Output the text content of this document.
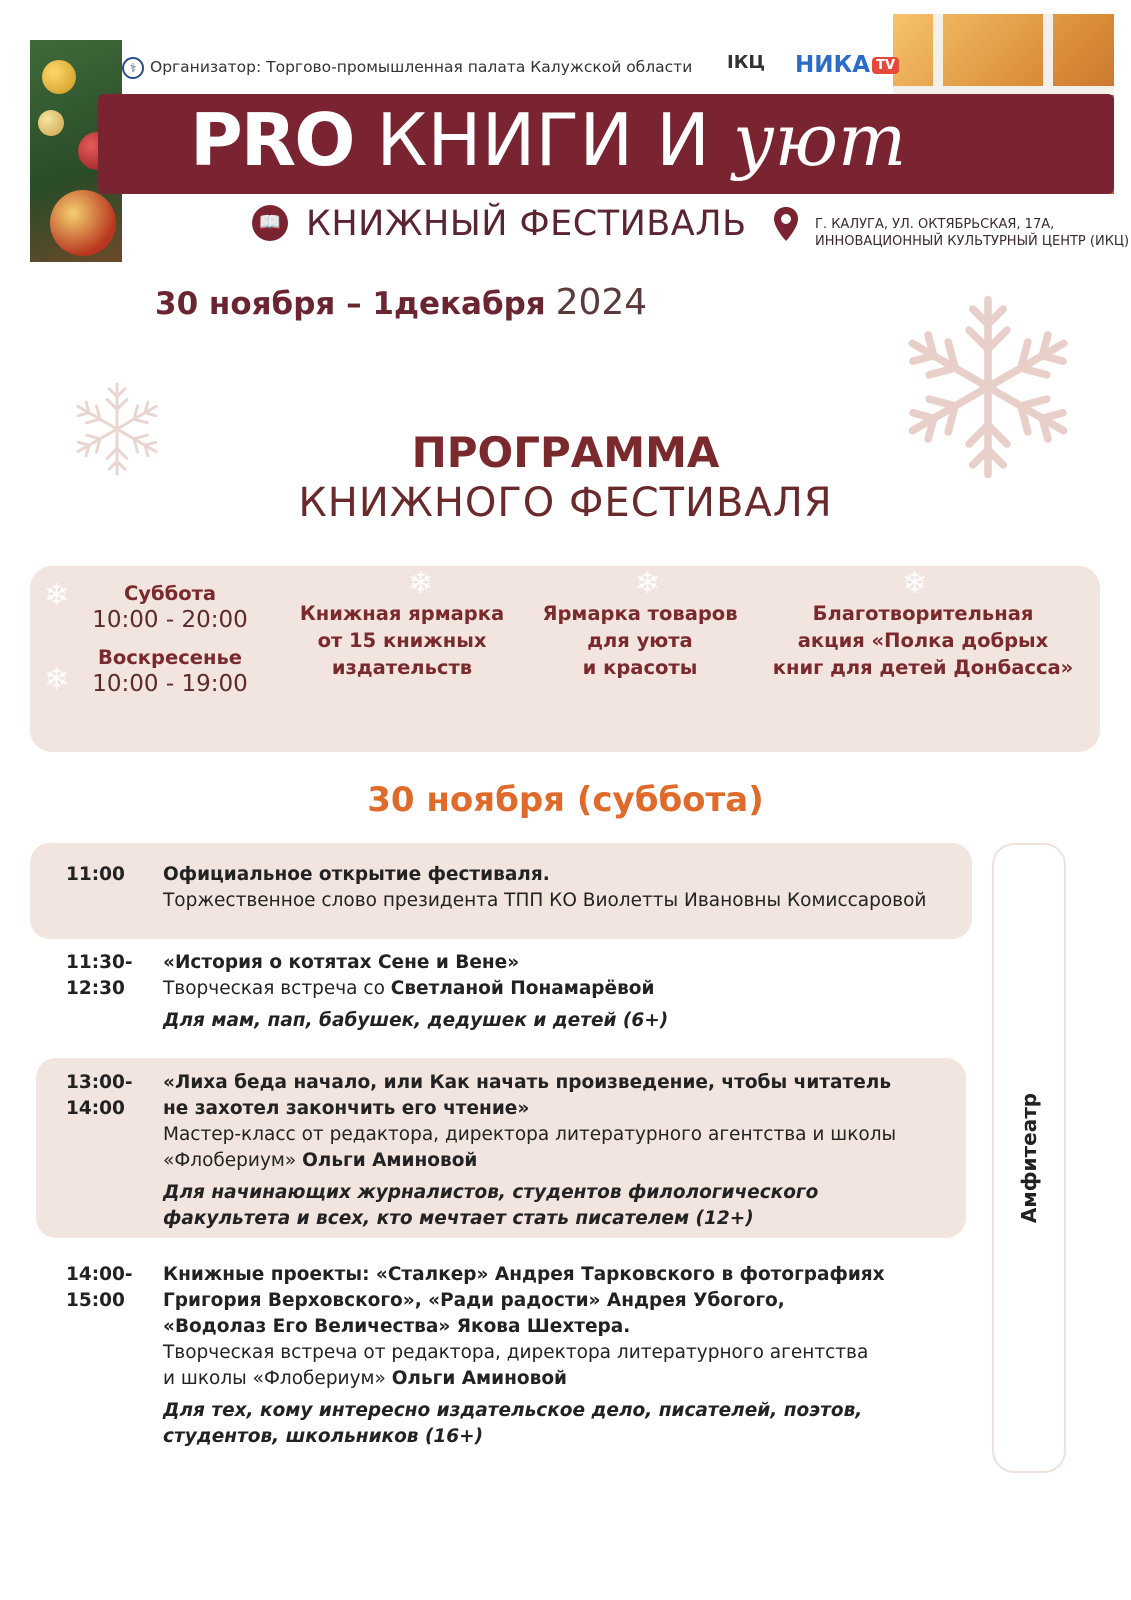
PRO КНИГИ И уют
⚕ Организатор: Торгово-промышленная палата Калужской области ІКЦ НИКА TV
📖 КНИЖНЫЙ ФЕСТИВАЛЬ	Г. КАЛУГА, УЛ. ОКТЯБРЬСКАЯ, 17А,
ИННОВАЦИОННЫЙ КУЛЬТУРНЫЙ ЦЕНТР (ИКЦ)
30 ноября – 1декабря 2024
ПРОГРАММА
КНИЖНОГО ФЕСТИВАЛЯ
❄
❄
❄	❄	❄
Суббота
10:00 - 20:00
Воскресенье
10:00 - 19:00
Книжная ярмарка
от 15 книжных
издательств
Ярмарка товаров
для уюта
и красоты
Благотворительная
акция «Полка добрых
книг для детей Донбасса»
30 ноября (суббота)
11:00 Официальное открытие фестиваля.
Торжественное слово президента ТПП КО Виолетты Ивановны Комиссаровой
11:30-
12:30
«История о котятах Сене и Вене»
Творческая встреча со Светланой Понамарёвой
Для мам, пап, бабушек, дедушек и детей (6+)
13:00-
14:00
«Лиха беда начало, или Как начать произведение, чтобы читатель
не захотел закончить его чтение»
Мастер-класс от редактора, директора литературного агентства и школы
«Флобериум» Ольги Аминовой
Для начинающих журналистов, студентов филологического
факультета и всех, кто мечтает стать писателем (12+)
14:00-
15:00
Книжные проекты: «Сталкер» Андрея Тарковского в фотографиях
Григория Верховского», «Ради радости» Андрея Убогого,
«Водолаз Его Величества» Якова Шехтера.
Творческая встреча от редактора, директора литературного агентства
и школы «Флобериум» Ольги Аминовой
Для тех, кому интересно издательское дело, писателей, поэтов,
студентов, школьников (16+)
Амфитеатр
